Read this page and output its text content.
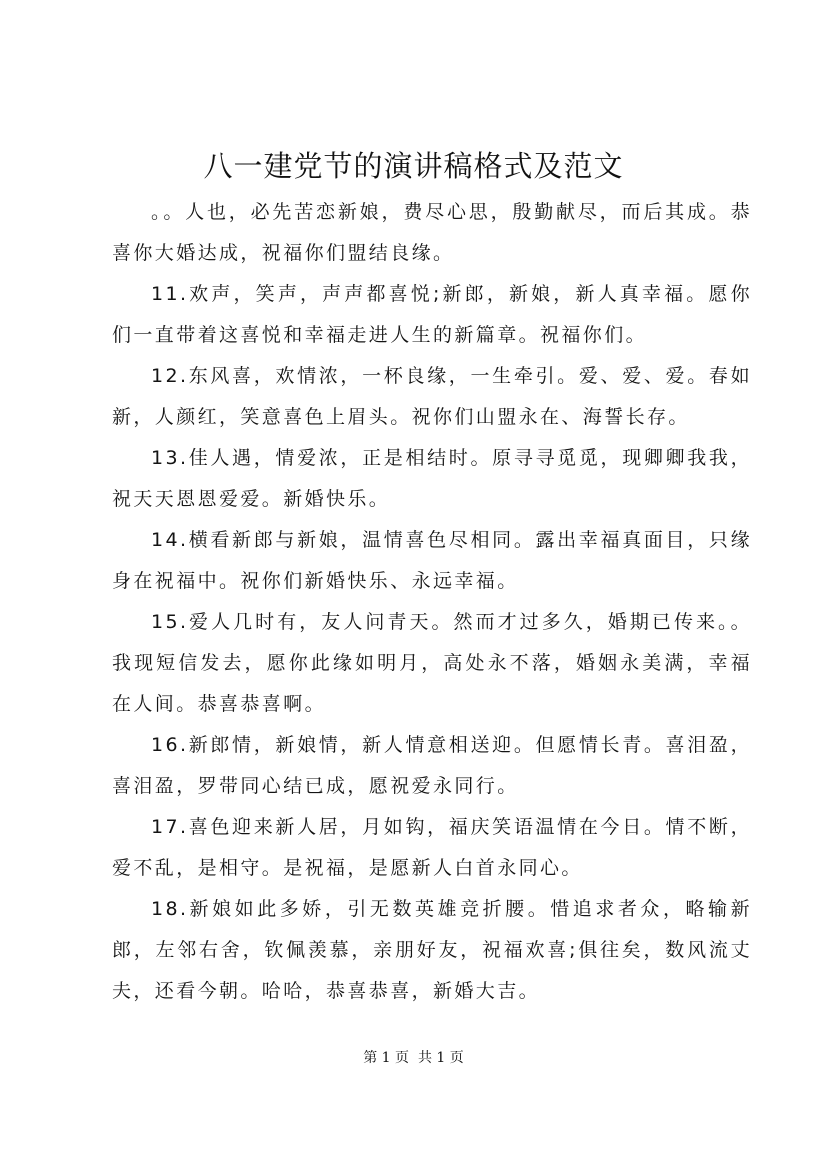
八一建党节的演讲稿格式及范文

。。人也，必先苦恋新娘，费尽心思，殷勤献尽，而后其成。恭喜你大婚达成，祝福你们盟结良缘。

11.欢声，笑声，声声都喜悦;新郎，新娘，新人真幸福。愿你们一直带着这喜悦和幸福走进人生的新篇章。祝福你们。

12.东风喜，欢情浓，一杯良缘，一生牵引。爱、爱、爱。春如新，人颜红，笑意喜色上眉头。祝你们山盟永在、海誓长存。

13.佳人遇，情爱浓，正是相结时。原寻寻觅觅，现卿卿我我，祝天天恩恩爱爱。新婚快乐。

14.横看新郎与新娘，温情喜色尽相同。露出幸福真面目，只缘身在祝福中。祝你们新婚快乐、永远幸福。

15.爱人几时有，友人问青天。然而才过多久，婚期已传来。。我现短信发去，愿你此缘如明月，高处永不落，婚姻永美满，幸福在人间。恭喜恭喜啊。

16.新郎情，新娘情，新人情意相送迎。但愿情长青。喜泪盈，喜泪盈，罗带同心结已成，愿祝爱永同行。

17.喜色迎来新人居，月如钩，福庆笑语温情在今日。情不断，爱不乱，是相守。是祝福，是愿新人白首永同心。

18.新娘如此多娇，引无数英雄竞折腰。惜追求者众，略输新郎，左邻右舍，钦佩羡慕，亲朋好友，祝福欢喜;俱往矣，数风流丈夫，还看今朝。哈哈，恭喜恭喜，新婚大吉。

第 1 页  共 1 页
